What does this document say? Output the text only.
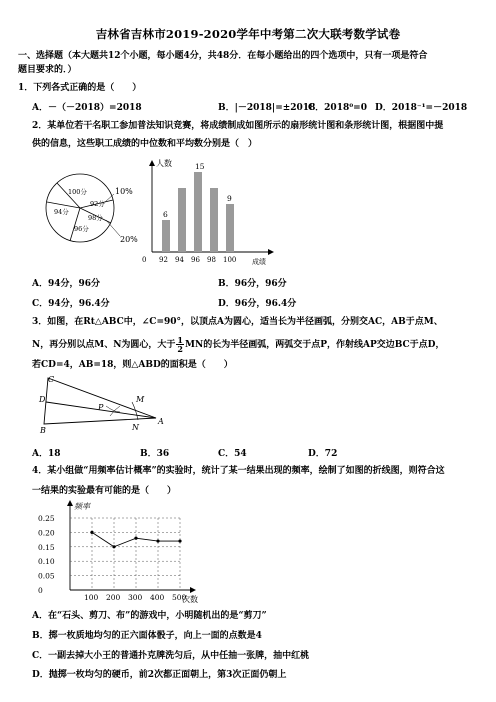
吉林省吉林市2019-2020学年中考第二次大联考数学试卷
一、选择题（本大题共12个小题，每小题4分，共48分．在每小题给出的四个选项中，只有一项是符合
题目要求的．）
1．下列各式正确的是（　　）
A．－（－2018）=2018	B．|－2018|=±2018
C．2018⁰=0 D．2018⁻¹=－2018
2．某单位若干名职工参加普法知识竞赛，将成绩制成如图所示的扇形统计图和条形统计图，根据图中提
供的信息，这些职工成绩的中位数和平均数分别是（　）
100分
92分
94分
98分
96分
10%
20%
人数
成绩
0 92
6
94 96
15
98 100
9
A．94分，96分	B．96分，96分
C．94分，96.4分	D．96分，96.4分
3．如图，在Rt△ABC中，∠C=90°，以顶点A为圆心，适当长为半径画弧，分别交AC，AB于点M、
N，再分别以点M、N为圆心，大于 $\frac{1}{2}$ MN的长为半径画弧，两弧交于点P，作射线AP交边BC于点D，
若CD=4，AB=18，则△ABD的面积是（　　）
C
D
B
P
M
N
A
A．18	B．36	C．54	D．72
4．某小组做“用频率估计概率”的实验时，统计了某一结果出现的频率，绘制了如图的折线图，则符合这
一结果的实验最有可能的是（　　）
频率
次数
0.25
0.20
0.15
0.10
0.05
0
100 200 300 400 500
A．在“石头、剪刀、布”的游戏中，小明随机出的是“剪刀”
B．掷一枚质地均匀的正六面体骰子，向上一面的点数是4
C．一副去掉大小王的普通扑克牌洗匀后，从中任抽一张牌，抽中红桃
D．抛掷一枚均匀的硬币，前2次都正面朝上，第3次正面仍朝上
